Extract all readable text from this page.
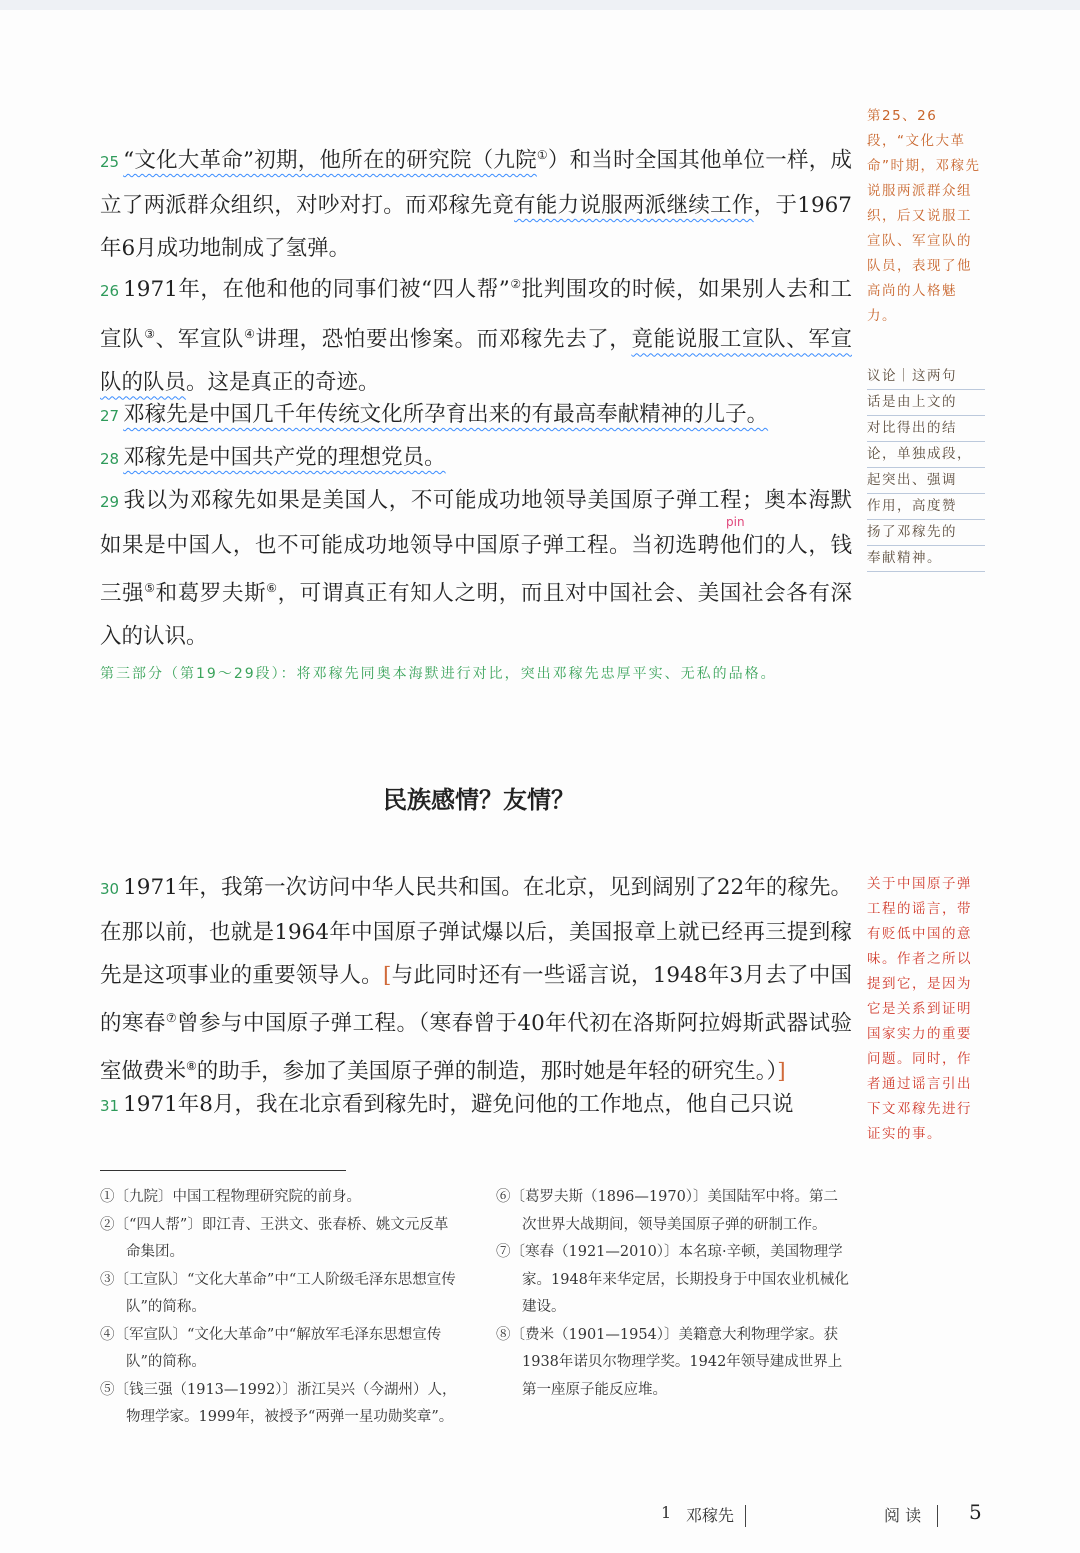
25 “文化大革命”初期，他所在的研究院（九院①）和当时全国其他单位一样，成立了两派群众组织，对吵对打。而邓稼先竟有能力说服两派继续工作，于1967年6月成功地制成了氢弹。

26 1971年，在他和他的同事们被“四人帮”②批判围攻的时候，如果别人去和工宣队③、军宣队④讲理，恐怕要出惨案。而邓稼先去了，竟能说服工宣队、军宣队的队员。这是真正的奇迹。

27 邓稼先是中国几千年传统文化所孕育出来的有最高奉献精神的儿子。

28 邓稼先是中国共产党的理想党员。

29 我以为邓稼先如果是美国人，不可能成功地领导美国原子弹工程；奥本海默如果是中国人，也不可能成功地领导中国原子弹工程。当初选聘他们的人，钱三强⑤和葛罗夫斯⑥，可谓真正有知人之明，而且对中国社会、美国社会各有深入的认识。

pin

第三部分（第19～29段）：将邓稼先同奥本海默进行对比，突出邓稼先忠厚平实、无私的品格。

民族感情？友情？

30 1971年，我第一次访问中华人民共和国。在北京，见到阔别了22年的稼先。在那以前，也就是1964年中国原子弹试爆以后，美国报章上就已经再三提到稼先是这项事业的重要领导人。[与此同时还有一些谣言说，1948年3月去了中国的寒春⑦曾参与中国原子弹工程。（寒春曾于40年代初在洛斯阿拉姆斯武器试验室做费米⑧的助手，参加了美国原子弹的制造，那时她是年轻的研究生。）]

31 1971年8月，我在北京看到稼先时，避免问他的工作地点，他自己只说

第25、26段，“文化大革命”时期，邓稼先说服两派群众组织，后又说服工宣队、军宣队的队员，表现了他高尚的人格魅力。

议论｜这两句
话是由上文的
对比得出的结
论，单独成段，
起突出、强调
作用，高度赞
扬了邓稼先的
奉献精神。

关于中国原子弹工程的谣言，带有贬低中国的意味。作者之所以提到它，是因为它是关系到证明国家实力的重要问题。同时，作者通过谣言引出下文邓稼先进行证实的事。

①〔九院〕中国工程物理研究院的前身。
②〔“四人帮”〕即江青、王洪文、张春桥、姚文元反革命集团。
③〔工宣队〕“文化大革命”中“工人阶级毛泽东思想宣传队”的简称。
④〔军宣队〕“文化大革命”中“解放军毛泽东思想宣传队”的简称。
⑤〔钱三强（1913—1992）〕浙江吴兴（今湖州）人，物理学家。1999年，被授予“两弹一星功勋奖章”。
⑥〔葛罗夫斯（1896—1970）〕美国陆军中将。第二次世界大战期间，领导美国原子弹的研制工作。
⑦〔寒春（1921—2010）〕本名琼·辛顿，美国物理学家。1948年来华定居，长期投身于中国农业机械化建设。
⑧〔费米（1901—1954）〕美籍意大利物理学家。获1938年诺贝尔物理学奖。1942年领导建成世界上第一座原子能反应堆。
1 邓稼先	阅 读 5
